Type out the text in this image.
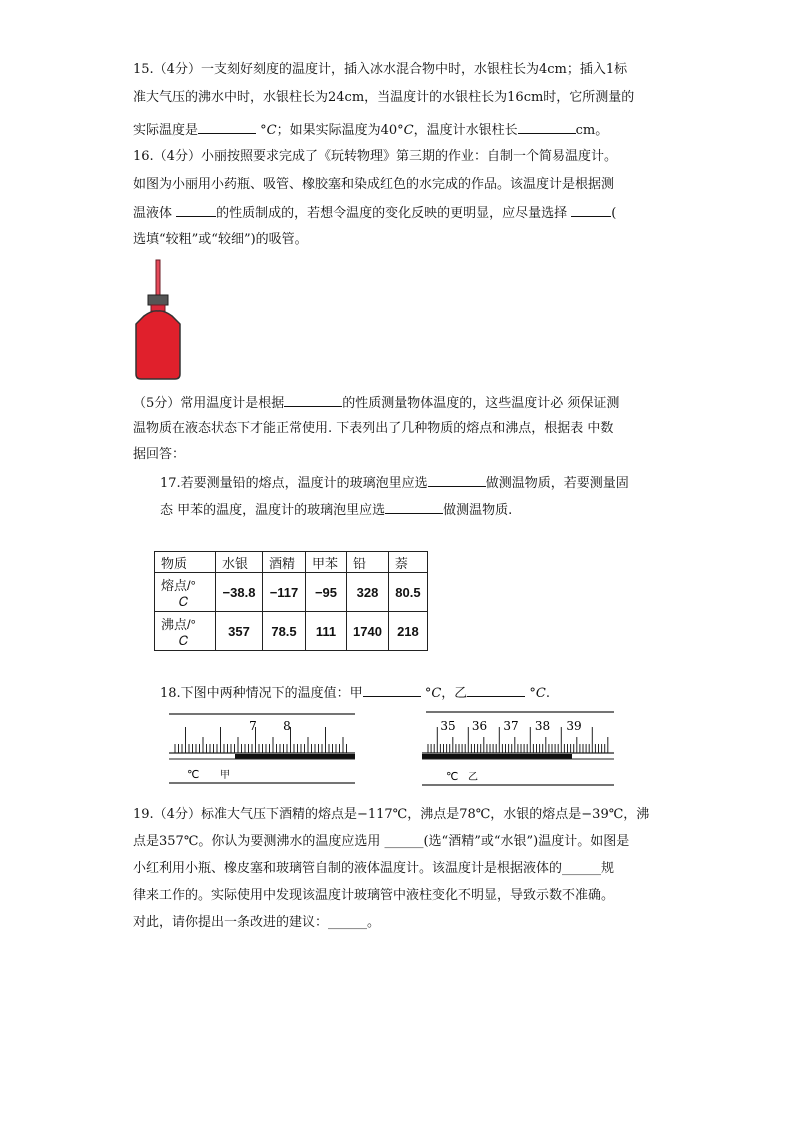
15.（4分）一支刻好刻度的温度计，插入冰水混合物中时，水银柱长为4cm；插入1标
准大气压的沸水中时，水银柱长为24cm，当温度计的水银柱长为16cm时，它所测量的
实际温度是	°𝐶；如果实际温度为40°𝐶，温度计水银柱长	cm。
16.（4分）小丽按照要求完成了《玩转物理》第三期的作业：自制一个简易温度计。
如图为小丽用小药瓶、吸管、橡胶塞和染成红色的水完成的作品。该温度计是根据测
温液体	的性质制成的，若想令温度的变化反映的更明显，应尽量选择	(
选填“较粗”或“较细”)的吸管。
（5分）常用温度计是根据	的性质测量物体温度的，这些温度计必 须保证测
温物质在液态状态下才能正常使用. 下表列出了几种物质的熔点和沸点，根据表 中数
据回答：
17.若要测量铅的熔点，温度计的玻璃泡里应选	做测温物质，若要测量固
态 甲苯的温度，温度计的玻璃泡里应选	做测温物质.
物质	水银	酒精	甲苯	铅	萘
熔点/°
𝐶	−38.8	−117	−95	328	80.5
沸点/°
𝐶	357	78.5	111	1740	218
18.下图中两种情况下的温度值：甲	°𝐶，乙	°𝐶.
7 8
℃ 甲
35 36 37 38 39
℃ 乙
19.（4分）标准大气压下酒精的熔点是−117℃，沸点是78℃，水银的熔点是−39℃，沸
点是357℃。你认为要测沸水的温度应选用 ______(选“酒精”或“水银”)温度计。如图是
小红利用小瓶、橡皮塞和玻璃管自制的液体温度计。该温度计是根据液体的______规
律来工作的。实际使用中发现该温度计玻璃管中液柱变化不明显，导致示数不准确。
对此，请你提出一条改进的建议：______。
